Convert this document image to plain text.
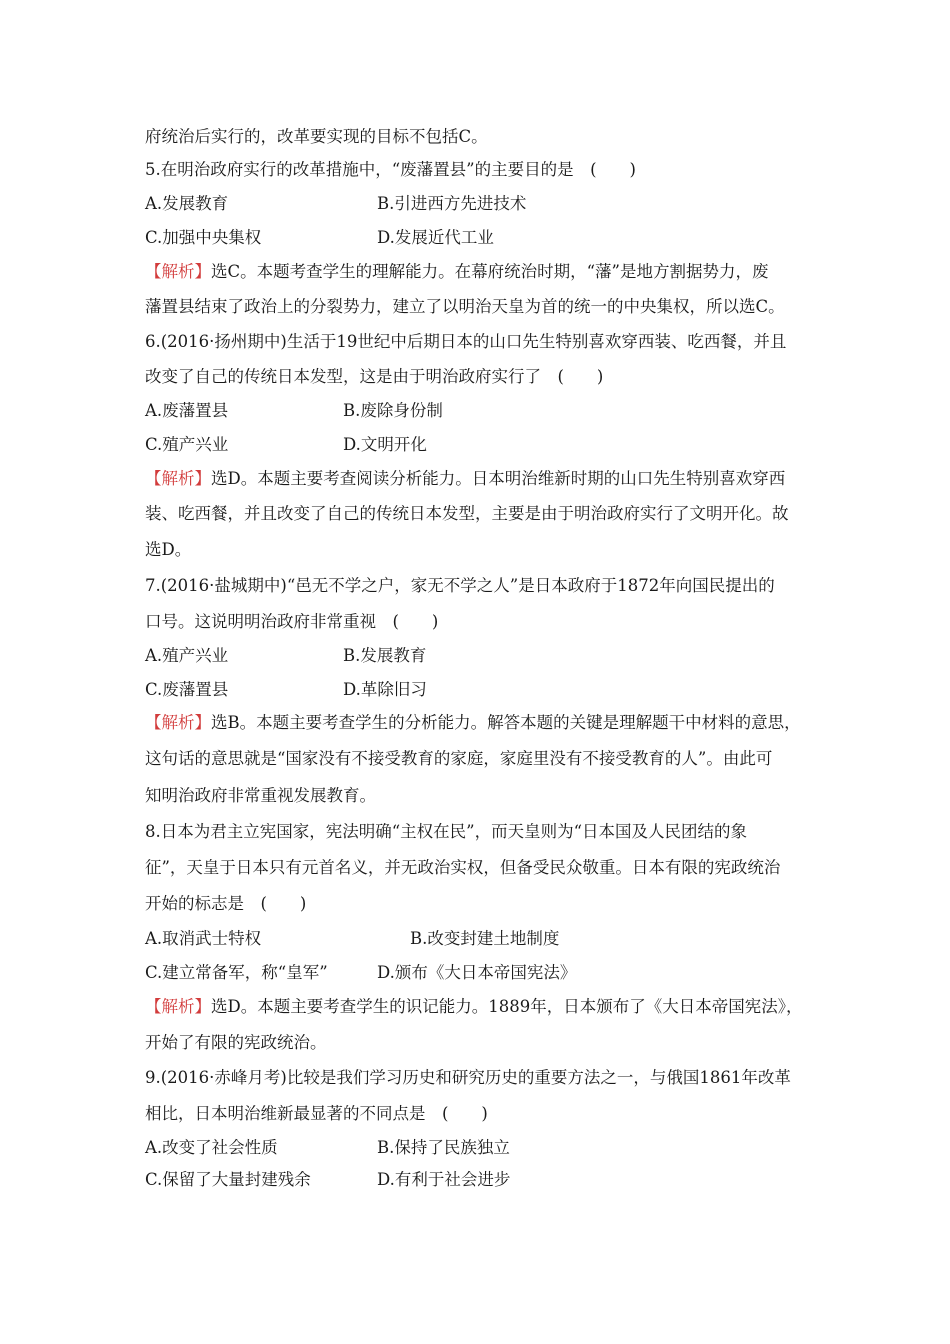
府统治后实行的，改革要实现的目标不包括C。
5.在明治政府实行的改革措施中，“废藩置县”的主要目的是　(　　)
A.发展教育	B.引进西方先进技术
C.加强中央集权	D.发展近代工业
【解析】选C。本题考查学生的理解能力。在幕府统治时期，“藩”是地方割据势力，废
藩置县结束了政治上的分裂势力，建立了以明治天皇为首的统一的中央集权，所以选C。
6.(2016·扬州期中)生活于19世纪中后期日本的山口先生特别喜欢穿西装、吃西餐，并且
改变了自己的传统日本发型，这是由于明治政府实行了　(　　)
A.废藩置县	B.废除身份制
C.殖产兴业	D.文明开化
【解析】选D。本题主要考查阅读分析能力。日本明治维新时期的山口先生特别喜欢穿西
装、吃西餐，并且改变了自己的传统日本发型，主要是由于明治政府实行了文明开化。故
选D。
7.(2016·盐城期中)“邑无不学之户，家无不学之人”是日本政府于1872年向国民提出的
口号。这说明明治政府非常重视　(　　)
A.殖产兴业	B.发展教育
C.废藩置县	D.革除旧习
【解析】选B。本题主要考查学生的分析能力。解答本题的关键是理解题干中材料的意思，
这句话的意思就是“国家没有不接受教育的家庭，家庭里没有不接受教育的人”。由此可
知明治政府非常重视发展教育。
8.日本为君主立宪国家，宪法明确“主权在民”，而天皇则为“日本国及人民团结的象
征”，天皇于日本只有元首名义，并无政治实权，但备受民众敬重。日本有限的宪政统治
开始的标志是　(　　)
A.取消武士特权	B.改变封建土地制度
C.建立常备军，称“皇军”	D.颁布《大日本帝国宪法》
【解析】选D。本题主要考查学生的识记能力。1889年，日本颁布了《大日本帝国宪法》，
开始了有限的宪政统治。
9.(2016·赤峰月考)比较是我们学习历史和研究历史的重要方法之一，与俄国1861年改革
相比，日本明治维新最显著的不同点是　(　　)
A.改变了社会性质	B.保持了民族独立
C.保留了大量封建残余	D.有利于社会进步
